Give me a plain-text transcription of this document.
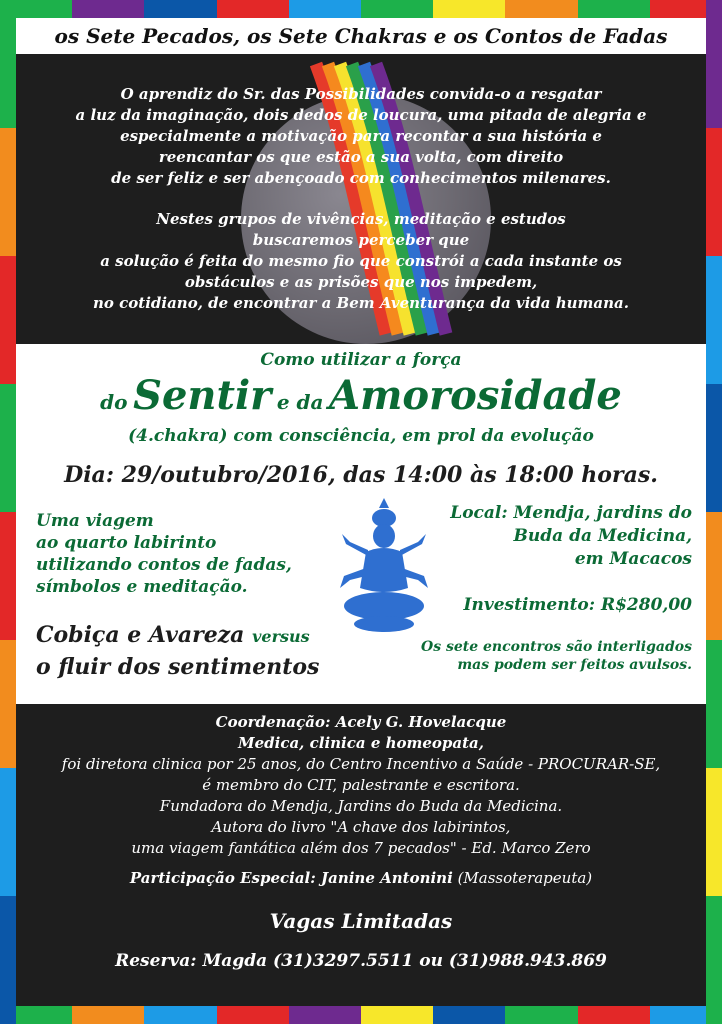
os Sete Pecados, os Sete Chakras e os Contos de Fadas

O aprendiz do Sr. das Possibilidades convida-o a resgatar
a luz da imaginação, dois dedos de loucura, uma pitada de alegria e
especialmente a motivação para recontar a sua história e
reencantar os que estão a sua volta, com direito
de ser feliz e ser abençoado com conhecimentos milenares.

Nestes grupos de vivências, meditação e estudos
buscaremos perceber que
a solução é feita do mesmo fio que constrói a cada instante os
obstáculos e as prisões que nos impedem,
no cotidiano, de encontrar a Bem Aventurança da vida humana.

Como utilizar a força
do Sentir e da Amorosidade
(4.chakra) com consciência, em prol da evolução
Dia: 29/outubro/2016, das 14:00 às 18:00 horas.
Uma viagem
ao quarto labirinto
utilizando contos de fadas,
símbolos e meditação.
Cobiça e Avareza versus
o fluir dos sentimentos
Local: Mendja, jardins do
Buda da Medicina,
em Macacos
Investimento: R$280,00
Os sete encontros são interligados
mas podem ser feitos avulsos.
Coordenação: Acely G. Hovelacque
Medica, clinica e homeopata,
foi diretora clinica por 25 anos, do Centro Incentivo a Saúde - PROCURAR-SE,
é membro do CIT, palestrante e escritora.
Fundadora do Mendja, Jardins do Buda da Medicina.
Autora do livro "A chave dos labirintos,
uma viagem fantática além dos 7 pecados" - Ed. Marco Zero
Participação Especial: Janine Antonini (Massoterapeuta)
Vagas Limitadas
Reserva: Magda (31)3297.5511 ou (31)988.943.869
